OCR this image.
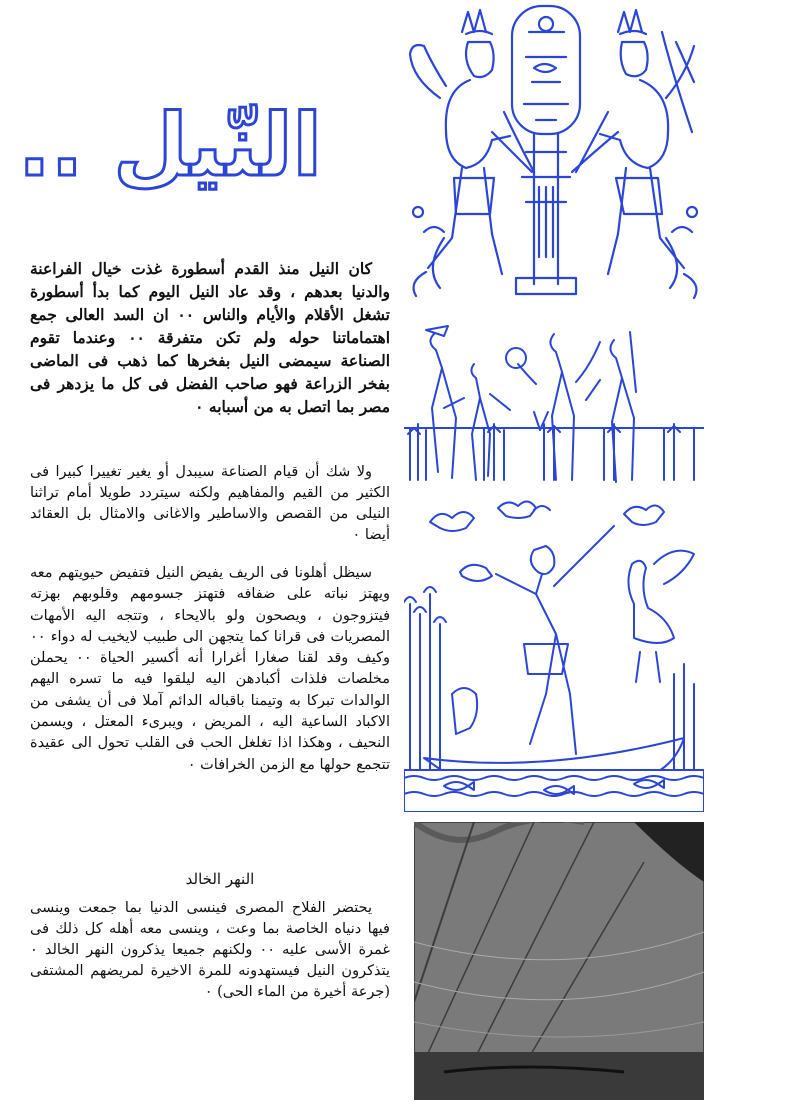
النّيل ..

كان النيل منذ القدم أسطورة غذت خيال الفراعنة والدنيا بعدهم ، وقد عاد النيل اليوم كما بدأ أسطورة تشغل الأقلام والأيام والناس ٠٠ ان السد العالى جمع اهتماماتنا حوله ولم تكن متفرقة ٠٠ وعندما تقوم الصناعة سيمضى النيل بفخرها كما ذهب فى الماضى بفخر الزراعة فهو صاحب الفضل فى كل ما يزدهر فى مصر بما اتصل به من أسبابه ٠

ولا شك أن قيام الصناعة سيبدل أو يغير تغييرا كبيرا فى الكثير من القيم والمفاهيم ولكنه سيتردد طويلا أمام تراثنا النيلى من القصص والاساطير والاغانى والامثال بل العقائد أيضا ٠

سيظل أهلونا فى الريف يفيض النيل فتفيض حيويتهم معه ويهتز نباته على ضفافه فتهتز جسومهم وقلوبهم بهزته فيتزوجون ، ويصحون ولو بالايحاء ، وتتجه اليه الأمهات المصريات فى قرانا كما يتجهن الى طبيب لايخيب له دواء ٠٠ وكيف وقد لقنا صغارا أغرارا أنه أكسير الحياة ٠٠ يحملن مخلصات فلذات أكبادهن اليه ليلقوا فيه ما تسره اليهم الوالدات تبركا به وتيمنا باقباله الدائم آملا فى أن يشفى من الاكباد الساعية اليه ، المريض ، ويبرىء المعتل ، ويسمن النحيف ، وهكذا اذا تغلغل الحب فى القلب تحول الى عقيدة تتجمع حولها مع الزمن الخرافات ٠

النهر الخالد

يحتضر الفلاح المصرى فينسى الدنيا بما جمعت وينسى فيها دنياه الخاصة بما وعت ، وينسى معه أهله كل ذلك فى غمرة الأسى عليه ٠٠ ولكنهم جميعا يذكرون النهر الخالد ٠ يتذكرون النيل فيستهدونه للمرة الاخيرة لمريضهم المشتفى (جرعة أخيرة من الماء الحى) ٠
